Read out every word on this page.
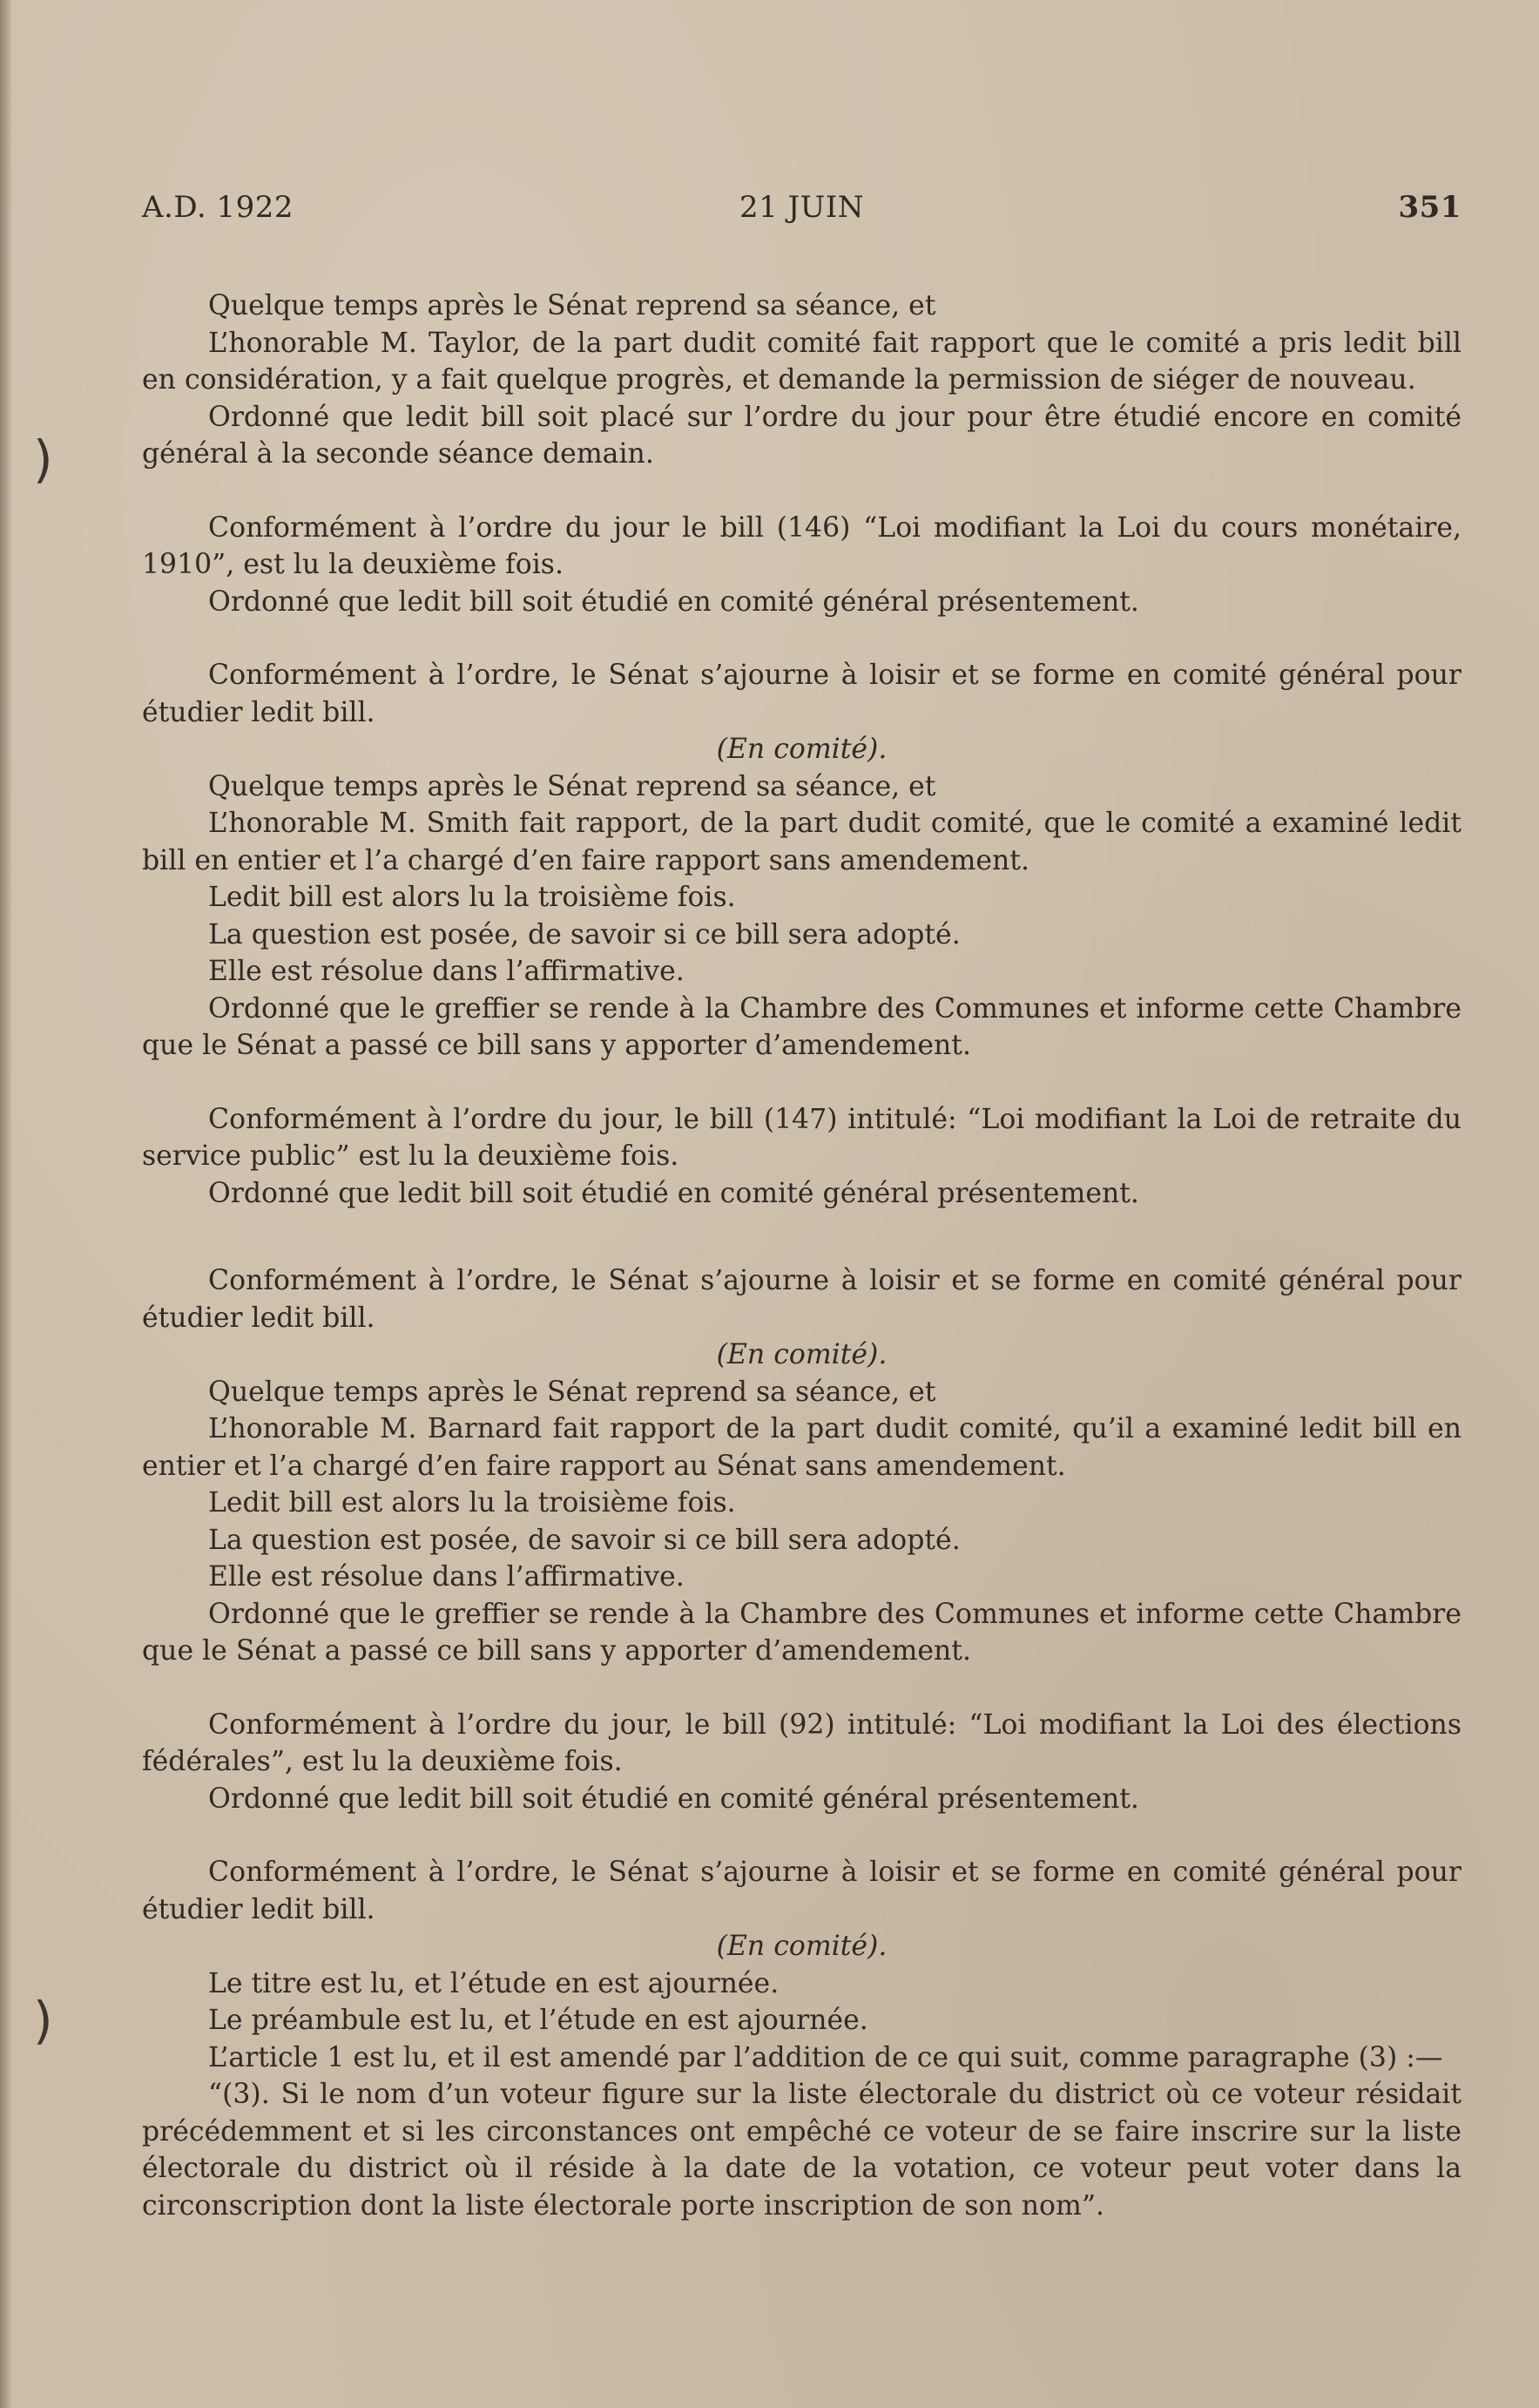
)
)
A.D. 1922	21 JUIN	351

Quelque temps après le Sénat reprend sa séance, et

L’honorable M. Taylor, de la part dudit comité fait rapport que le comité a pris ledit bill en considération, y a fait quelque progrès, et demande la permission de siéger de nouveau.

Ordonné que ledit bill soit placé sur l’ordre du jour pour être étudié encore en comité général à la seconde séance demain.

Conformément à l’ordre du jour le bill (146) “Loi modifiant la Loi du cours monétaire, 1910”, est lu la deuxième fois.

Ordonné que ledit bill soit étudié en comité général présentement.

Conformément à l’ordre, le Sénat s’ajourne à loisir et se forme en comité général pour étudier ledit bill.

(En comité).

Quelque temps après le Sénat reprend sa séance, et

L’honorable M. Smith fait rapport, de la part dudit comité, que le comité a examiné ledit bill en entier et l’a chargé d’en faire rapport sans amendement.

Ledit bill est alors lu la troisième fois.

La question est posée, de savoir si ce bill sera adopté.

Elle est résolue dans l’affirmative.

Ordonné que le greffier se rende à la Chambre des Communes et informe cette Chambre que le Sénat a passé ce bill sans y apporter d’amendement.

Conformément à l’ordre du jour, le bill (147) intitulé: “Loi modifiant la Loi de retraite du service public” est lu la deuxième fois.

Ordonné que ledit bill soit étudié en comité général présentement.

Conformément à l’ordre, le Sénat s’ajourne à loisir et se forme en comité général pour étudier ledit bill.

(En comité).

Quelque temps après le Sénat reprend sa séance, et

L’honorable M. Barnard fait rapport de la part dudit comité, qu’il a examiné ledit bill en entier et l’a chargé d’en faire rapport au Sénat sans amendement.

Ledit bill est alors lu la troisième fois.

La question est posée, de savoir si ce bill sera adopté.

Elle est résolue dans l’affirmative.

Ordonné que le greffier se rende à la Chambre des Communes et informe cette Chambre que le Sénat a passé ce bill sans y apporter d’amendement.

Conformément à l’ordre du jour, le bill (92) intitulé: “Loi modifiant la Loi des élections fédérales”, est lu la deuxième fois.

Ordonné que ledit bill soit étudié en comité général présentement.

Conformément à l’ordre, le Sénat s’ajourne à loisir et se forme en comité général pour étudier ledit bill.

(En comité).

Le titre est lu, et l’étude en est ajournée.

Le préambule est lu, et l’étude en est ajournée.

L’article 1 est lu, et il est amendé par l’addition de ce qui suit, comme paragraphe (3) :—

“(3). Si le nom d’un voteur figure sur la liste électorale du district où ce voteur résidait précédemment et si les circonstances ont empêché ce voteur de se faire inscrire sur la liste électorale du district où il réside à la date de la votation, ce voteur peut voter dans la circonscription dont la liste électorale porte inscription de son nom”.
